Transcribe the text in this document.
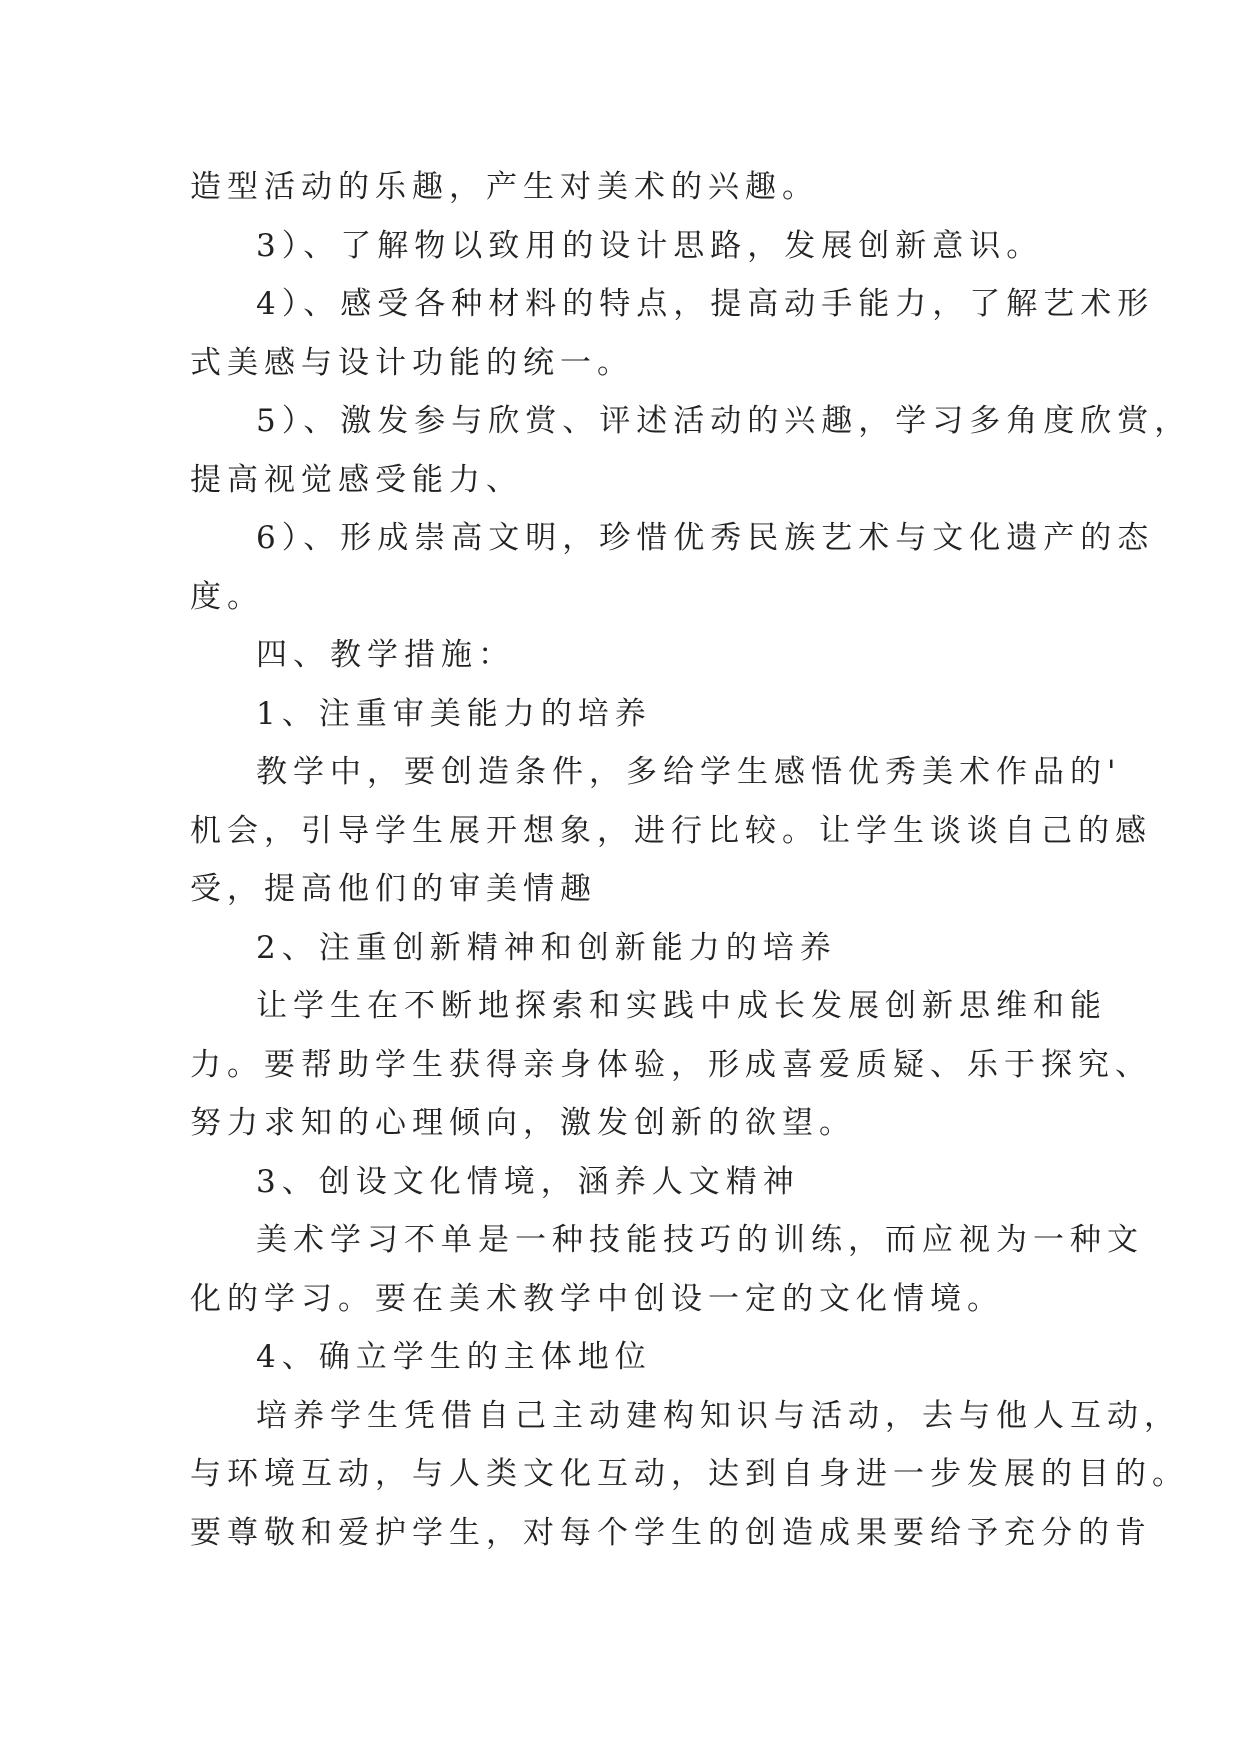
造型活动的乐趣，产生对美术的兴趣。
3）、了解物以致用的设计思路，发展创新意识。
4）、感受各种材料的特点，提高动手能力，了解艺术形
式美感与设计功能的统一。
5）、激发参与欣赏、评述活动的兴趣，学习多角度欣赏，
提高视觉感受能力、
6）、形成崇高文明，珍惜优秀民族艺术与文化遗产的态
度。
四、教学措施：
1、注重审美能力的培养
教学中，要创造条件，多给学生感悟优秀美术作品的'
机会，引导学生展开想象，进行比较。让学生谈谈自己的感
受，提高他们的审美情趣
2、注重创新精神和创新能力的培养
让学生在不断地探索和实践中成长发展创新思维和能
力。要帮助学生获得亲身体验，形成喜爱质疑、乐于探究、
努力求知的心理倾向，激发创新的欲望。
3、创设文化情境，涵养人文精神
美术学习不单是一种技能技巧的训练，而应视为一种文
化的学习。要在美术教学中创设一定的文化情境。
4、确立学生的主体地位
培养学生凭借自己主动建构知识与活动，去与他人互动，
与环境互动，与人类文化互动，达到自身进一步发展的目的。
要尊敬和爱护学生，对每个学生的创造成果要给予充分的肯
